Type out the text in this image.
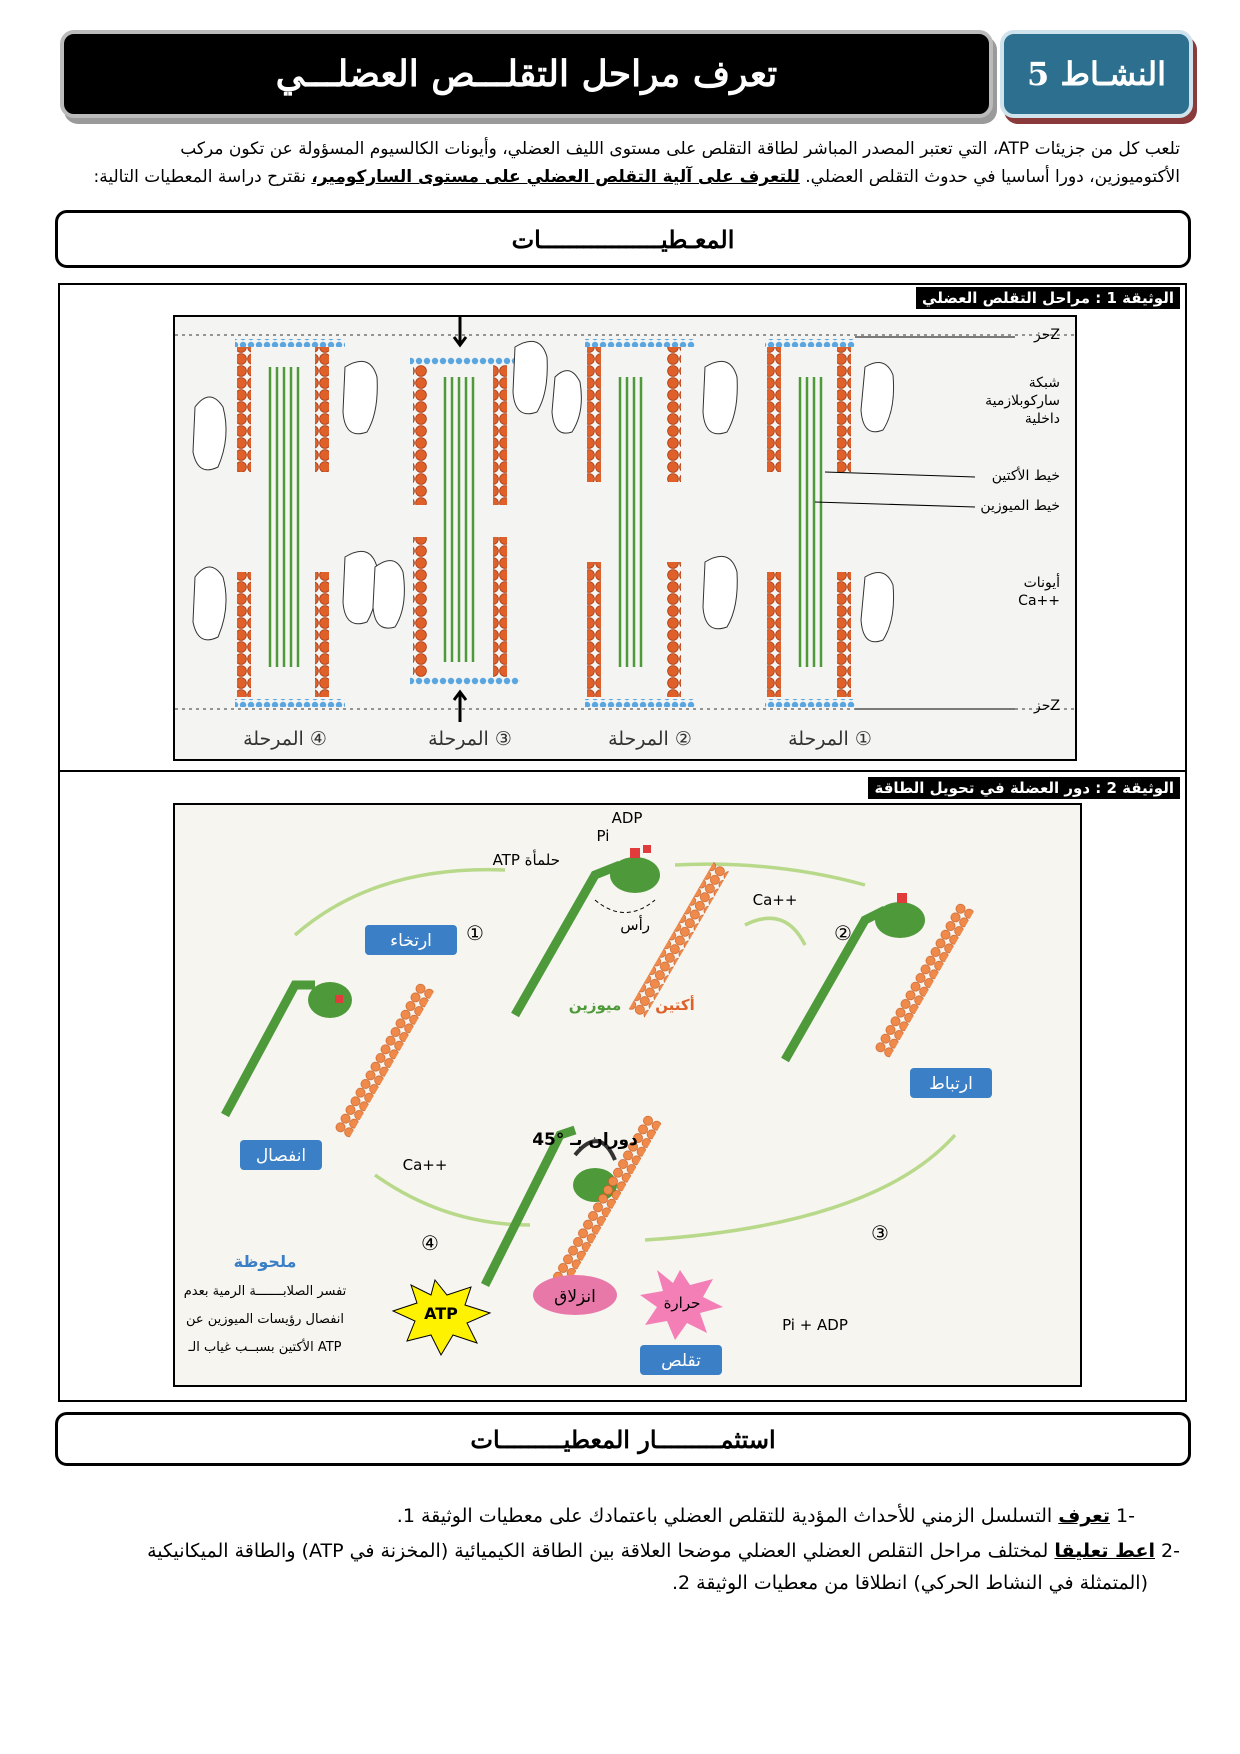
تعرف مراحل التقلـــص العضلـــي	النشـاط 5
تلعب كل من جزيئات ATP، التي تعتبر المصدر المباشر لطاقة التقلص على مستوى الليف العضلي، وأيونات الكالسيوم المسؤولة عن تكون مركب
الأكتوميوزين، دورا أساسيا في حدوث التقلص العضلي. للتعرف على آلية التقلص العضلي على مستوى الساركومير، نقترح دراسة المعطيات التالية:
المعـطيـــــــــــــــــات
الوثيقة 1 : مراحل التقلص العضلي
حزZ
حزZ
شبكة
ساركوبلازمية
داخلية
خيط الأكتين
خيط الميوزين
أيونات
Ca++
المرحلة ①
المرحلة ②
المرحلة ③
المرحلة ④
الوثيقة 2 : دور العضلة في تحويل الطاقة
ADP
Pi
ATP حلمأة
رأس
ميوزين أكتين
Ca++
Ca++
Pi + ADP
دوران بـ °45
①	②
③
④
ارتخاء
ارتباط
انفصال
تقلص
انزلاق	حرارة
ATP
ملحوظة
تفسر الصلابـــــــة الرمية بعدم
انفصال رؤيسات الميوزين عن
الأكتين بسبــب غياب الـ ATP
استثمـــــــــار المعطيـــــــــات
-1 تعرف التسلسل الزمني للأحداث المؤدية للتقلص العضلي باعتمادك على معطيات الوثيقة 1.
-2 اعط تعليقا لمختلف مراحل التقلص العضلي العضلي موضحا العلاقة بين الطاقة الكيميائية (المخزنة في ATP) والطاقة الميكانيكية
(المتمثلة في النشاط الحركي) انطلاقا من معطيات الوثيقة 2.
